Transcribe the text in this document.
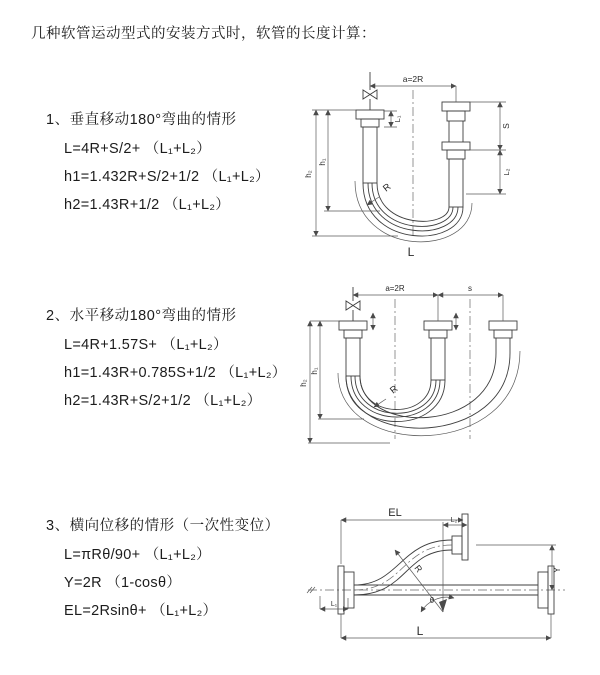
几种软管运动型式的安装方式时，软管的长度计算：
1、垂直移动180°弯曲的情形
L=4R+S/2+ （L₁+L₂）
h1=1.432R+S/2+1/2 （L₁+L₂）
h2=1.43R+1/2 （L₁+L₂）
a=2R
L₁
S
L₂
h₁
h₂
R
L
2、水平移动180°弯曲的情形
L=4R+1.57S+ （L₁+L₂）
h1=1.43R+0.785S+1/2 （L₁+L₂）
h2=1.43R+S/2+1/2 （L₁+L₂）
a=2R	s
h₁
h₂
R
3、横向位移的情形（一次性变位）
L=πRθ/90+ （L₁+L₂）
Y=2R （1-cosθ）
EL=2Rsinθ+ （L₁+L₂）
R
θ
EL
L₂
Y
L₁
L
